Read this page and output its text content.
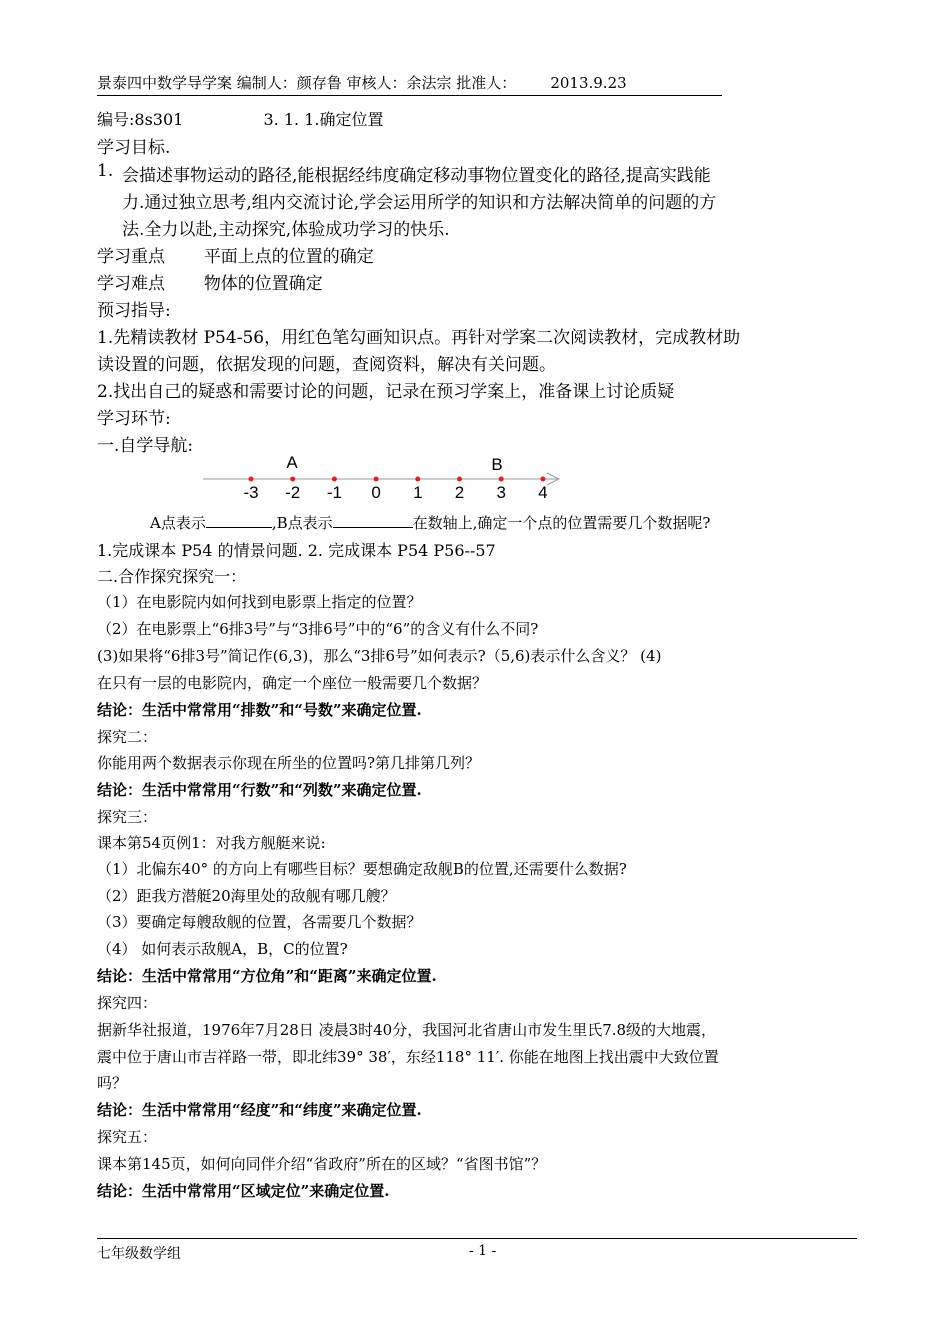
景泰四中数学导学案 编制人：颜存鲁 审核人：余法宗 批准人： 2013.9.23
编号:8s301	3. 1. 1.确定位置
学习目标.
1. 会描述事物运动的路径,能根据经纬度确定移动事物位置变化的路径,提高实践能
力.通过独立思考,组内交流讨论,学会运用所学的知识和方法解决简单的问题的方
法.全力以赴,主动探究,体验成功学习的快乐.
学习重点 平面上点的位置的确定
学习难点 物体的位置确定
预习指导:
1.先精读教材 P54-56，用红色笔勾画知识点。再针对学案二次阅读教材，完成教材助
读设置的问题，依据发现的问题，查阅资料，解决有关问题。
2.找出自己的疑惑和需要讨论的问题，记录在预习学案上，准备课上讨论质疑
学习环节:
一.自学导航:
A	B
-3 -2 -1 0 1 2 3 4
A点表示	,B点表示	在数轴上,确定一个点的位置需要几个数据呢?
1.完成课本 P54 的情景问题. 2. 完成课本 P54 P56--57
二.合作探究探究一：
（1）在电影院内如何找到电影票上指定的位置？
（2）在电影票上“6排3号”与“3排6号”中的“6”的含义有什么不同?
(3)如果将“6排3号”简记作(6,3)，那么“3排6号”如何表示?（5,6)表示什么含义？ (4)
在只有一层的电影院内，确定一个座位一般需要几个数据？
结论：生活中常常用“排数”和“号数”来确定位置.
探究二：
你能用两个数据表示你现在所坐的位置吗?第几排第几列？
结论：生活中常常用“行数”和“列数”来确定位置.
探究三：
课本第54页例1：对我方舰艇来说:
（1）北偏东40° 的方向上有哪些目标？要想确定敌舰B的位置,还需要什么数据?
（2）距我方潜艇20海里处的敌舰有哪几艘？
（3）要确定每艘敌舰的位置，各需要几个数据？
（4） 如何表示敌舰A，B，C的位置?
结论：生活中常常用“方位角”和“距离”来确定位置.
探究四：
据新华社报道，1976年7月28日 凌晨3时40分，我国河北省唐山市发生里氏7.8级的大地震，
震中位于唐山市吉祥路一带，即北纬39° 38′，东经118° 11′. 你能在地图上找出震中大致位置
吗？
结论：生活中常常用“经度”和“纬度”来确定位置.
探究五：
课本第145页，如何向同伴介绍“省政府”所在的区域？“省图书馆”？
结论：生活中常常用“区域定位”来确定位置.
七年级数学组	- 1 -
